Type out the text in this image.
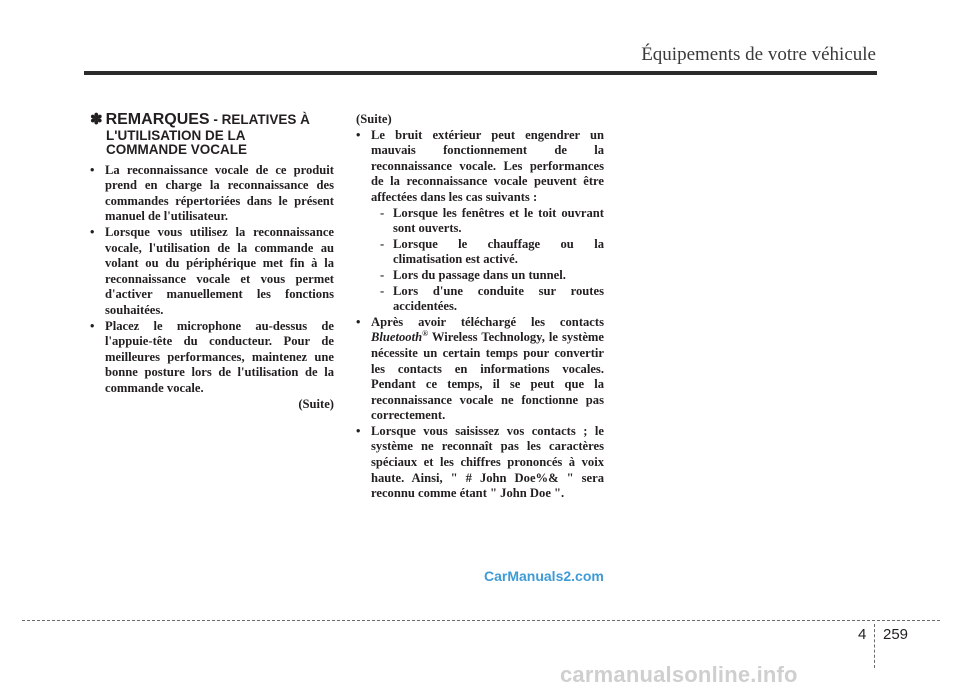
Équipements de votre véhicule
✽ REMARQUES - RELATIVES À
L'UTILISATION DE LA
COMMANDE VOCALE
• La reconnaissance vocale de ce produit prend en charge la reconnaissance des commandes répertoriées dans le présent manuel de l'utilisateur.
• Lorsque vous utilisez la reconnaissance vocale, l'utilisation de la commande au volant ou du périphérique met fin à la reconnaissance vocale et vous permet d'activer manuellement les fonctions souhaitées.
• Placez le microphone au-dessus de l'appuie-tête du conducteur. Pour de meilleures performances, maintenez une bonne posture lors de l'utilisation de la commande vocale.
(Suite)
(Suite)
• Le bruit extérieur peut engendrer un mauvais fonctionnement de la reconnaissance vocale. Les performances de la reconnaissance vocale peuvent être affectées dans les cas suivants :
- Lorsque les fenêtres et le toit ouvrant sont ouverts.
- Lorsque le chauffage ou la climatisation est activé.
- Lors du passage dans un tunnel.
- Lors d'une conduite sur routes accidentées.
• Après avoir téléchargé les contacts Bluetooth® Wireless Technology, le système nécessite un certain temps pour convertir les contacts en informations vocales. Pendant ce temps, il se peut que la reconnaissance vocale ne fonctionne pas correctement.
• Lorsque vous saisissez vos contacts ; le système ne reconnaît pas les caractères spéciaux et les chiffres prononcés à voix haute. Ainsi, " # John Doe%& " sera reconnu comme étant " John Doe ".
CarManuals2.com
4 259
carmanualsonline.info
